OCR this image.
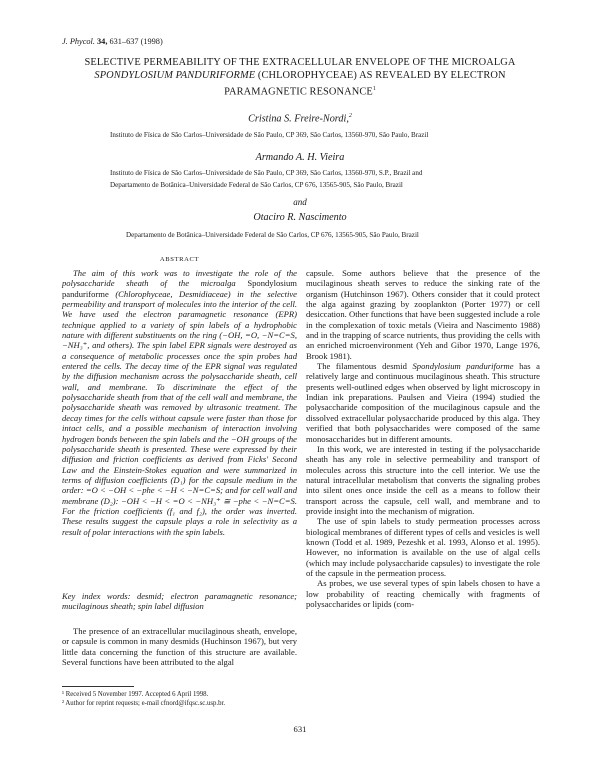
J. Phycol. 34, 631–637 (1998)
SELECTIVE PERMEABILITY OF THE EXTRACELLULAR ENVELOPE OF THE MICROALGA
SPONDYLOSIUM PANDURIFORME (CHLOROPHYCEAE) AS REVEALED BY ELECTRON
PARAMAGNETIC RESONANCE$^1$
Cristina S. Freire-Nordi,$^2$
Instituto de Física de São Carlos–Universidade de São Paulo, CP 369, São Carlos, 13560-970, São Paulo, Brazil
Armando A. H. Vieira
Instituto de Física de São Carlos–Universidade de São Paulo, CP 369, São Carlos, 13560-970, S.P., Brazil and
Departamento de Botânica–Universidade Federal de São Carlos, CP 676, 13565-905, São Paulo, Brazil
and
Otaciro R. Nascimento
Departamento de Botânica–Universidade Federal de São Carlos, CP 676, 13565-905, São Paulo, Brazil
ABSTRACT

The aim of this work was to investigate the role of the polysaccharide sheath of the microalga Spondylosium panduriforme (Chlorophyceae, Desmidiaceae) in the selective permeability and transport of molecules into the interior of the cell. We have used the electron paramagnetic resonance (EPR) technique applied to a variety of spin labels of a hydrophobic nature with different substituents on the ring (−OH, =O, −N=C=S, −NH₃⁺, and others). The spin label EPR signals were destroyed as a consequence of metabolic processes once the spin probes had entered the cells. The decay time of the EPR signal was regulated by the diffusion mechanism across the polysaccharide sheath, cell wall, and membrane. To discriminate the effect of the polysaccharide sheath from that of the cell wall and membrane, the polysaccharide sheath was removed by ultrasonic treatment. The decay times for the cells without capsule were faster than those for intact cells, and a possible mechanism of interaction involving hydrogen bonds between the spin labels and the −OH groups of the polysaccharide sheath is presented. These were expressed by their diffusion and friction coefficients as derived from Ficks' Second Law and the Einstein-Stokes equation and were summarized in terms of diffusion coefficients (D₁) for the capsule medium in the order: =O < −OH < −phe < −H < −N=C=S; and for cell wall and membrane (D₂): −OH < −H < =O < −NH₃⁺ ≅ −phe < −N=C=S. For the friction coefficients (f₁ and f₂), the order was inverted. These results suggest the capsule plays a role in selectivity as a result of polar interactions with the spin labels.

Key index words: desmid; electron paramagnetic resonance; mucilaginous sheath; spin label diffusion

The presence of an extracellular mucilaginous sheath, envelope, or capsule is common in many desmids (Huchinson 1967), but very little data concerning the function of this structure are available. Several functions have been attributed to the algal

¹ Received 5 November 1997. Accepted 6 April 1998.
² Author for reprint requests; e-mail cfnord@ifqsc.sc.usp.br.

capsule. Some authors believe that the presence of the mucilaginous sheath serves to reduce the sinking rate of the organism (Hutchinson 1967). Others consider that it could protect the alga against grazing by zooplankton (Porter 1977) or cell desiccation. Other functions that have been suggested include a role in the complexation of toxic metals (Vieira and Nascimento 1988) and in the trapping of scarce nutrients, thus providing the cells with an enriched microenvironment (Yeh and Gibor 1970, Lange 1976, Brook 1981).

The filamentous desmid Spondylosium panduriforme has a relatively large and continuous mucilaginous sheath. This structure presents well-outlined edges when observed by light microscopy in Indian ink preparations. Paulsen and Vieira (1994) studied the polysaccharide composition of the mucilaginous capsule and the dissolved extracellular polysaccharide produced by this alga. They verified that both polysaccharides were composed of the same monosaccharides but in different amounts.

In this work, we are interested in testing if the polysaccharide sheath has any role in selective permeability and transport of molecules across this structure into the cell interior. We use the natural intracellular metabolism that converts the signaling probes into silent ones once inside the cell as a means to follow their transport across the capsule, cell wall, and membrane and to provide insight into the mechanism of migration.

The use of spin labels to study permeation processes across biological membranes of different types of cells and vesicles is well known (Todd et al. 1989, Pezeshk et al. 1993, Alonso et al. 1995). However, no information is available on the use of algal cells (which may include polysaccharide capsules) to investigate the role of the capsule in the permeation process.

As probes, we use several types of spin labels chosen to have a low probability of reacting chemically with fragments of polysaccharides or lipids (com-

631
